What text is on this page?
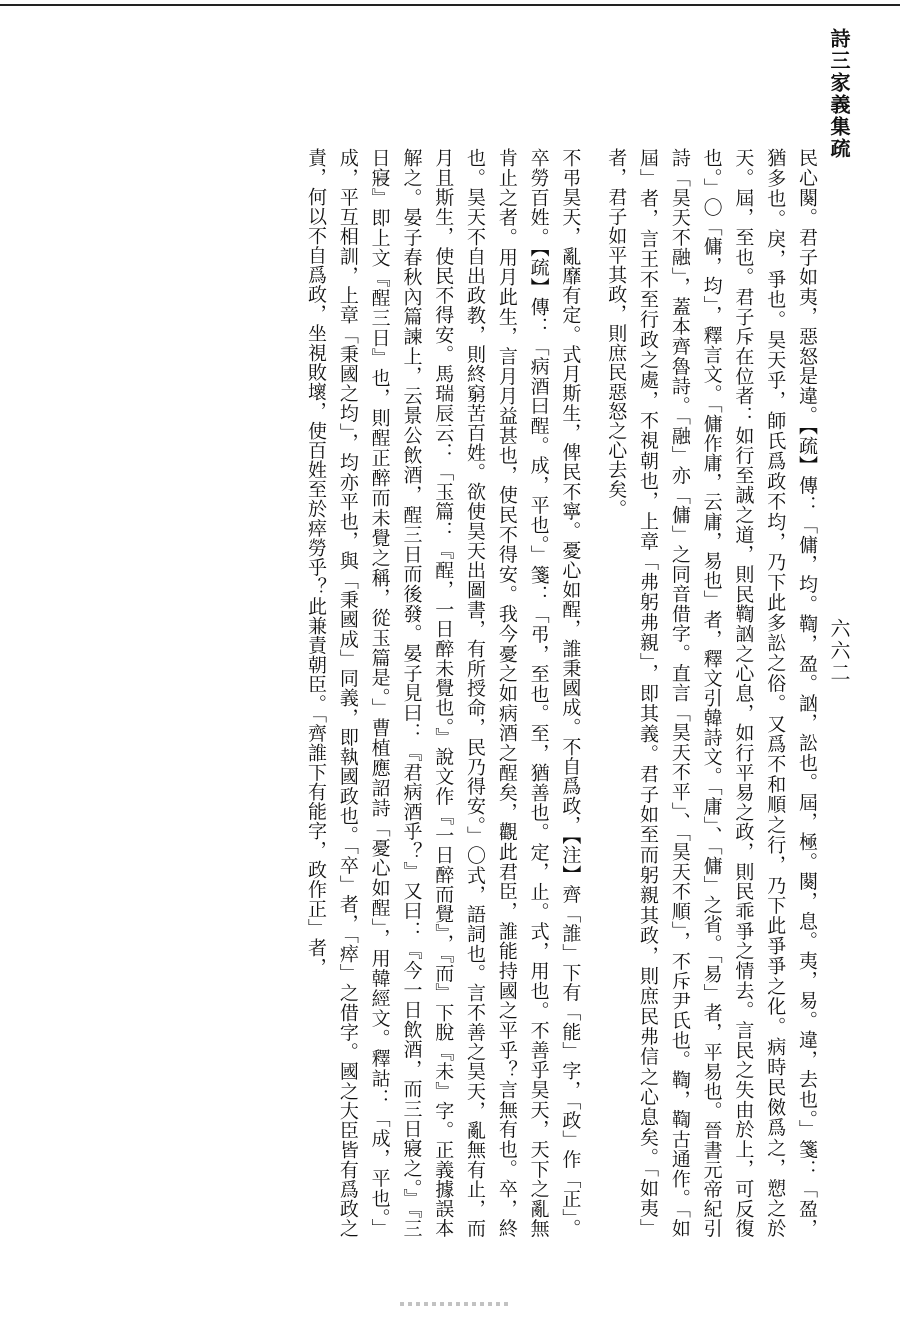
詩三家義集疏
六六二

民心闋。君子如夷，惡怒是違。【疏】傳：「傭，均。鞫，盈。訩，訟也。屆，極。闋，息。夷，易。違，去也。」箋：「盈，猶多也。戾，爭也。昊天乎，師氏爲政不均，乃下此多訟之俗。又爲不和順之行，乃下此爭爭之化。病時民傚爲之，愬之於天。屆，至也。君子斥在位者：如行至誠之道，則民鞫訩之心息，如行平易之政，則民乖爭之情去。言民之失由於上，可反復也。」〇「傭，均」，釋言文。「傭作庸，云庸，易也」者，釋文引韓詩文。「庸」、「傭」之省。「易」者，平易也。晉書元帝紀引詩「昊天不融」，蓋本齊魯詩。「融」亦「傭」之同音借字。直言「昊天不平」、「昊天不順」，不斥尹氏也。鞫，鞫古通作。「如屆」者，言王不至行政之處，不視朝也，上章「弗躬弗親」，即其義。君子如至而躬親其政，則庶民弗信之心息矣。「如夷」者，君子如平其政，則庶民惡怒之心去矣。

不弔昊天，亂靡有定。式月斯生，俾民不寧。憂心如酲，誰秉國成。不自爲政，【注】齊「誰」下有「能」字，「政」作「正」。卒勞百姓。【疏】傳：「病酒曰酲。成，平也。」箋：「弔，至也。至，猶善也。定，止。式，用也。不善乎昊天，天下之亂無肯止之者。用月此生，言月月益甚也，使民不得安。我今憂之如病酒之酲矣，觀此君臣，誰能持國之平乎？言無有也。卒，終也。昊天不自出政教，則終窮苦百姓。欲使昊天出圖書，有所授命，民乃得安。」〇式，語詞也。言不善之昊天，亂無有止，而月且斯生，使民不得安。馬瑞辰云：「玉篇：『酲，一日醉未覺也。』說文作『一日醉而覺』，『而』下脫『未』字。正義據誤本解之。晏子春秋內篇諫上，云景公飲酒，酲三日而後發。晏子見曰：『君病酒乎？』又曰：『今一日飲酒，而三日寢之。』『三日寢』即上文『酲三日』也，則酲正醉而未覺之稱，從玉篇是。」曹植應詔詩「憂心如酲」，用韓經文。釋詁：「成，平也。」成，平互相訓，上章「秉國之均」，均亦平也，與「秉國成」同義，即執國政也。「卒」者，「瘁」之借字。國之大臣皆有爲政之責，何以不自爲政，坐視敗壞，使百姓至於瘁勞乎？此兼責朝臣。「齊誰下有能字，政作正」者，
